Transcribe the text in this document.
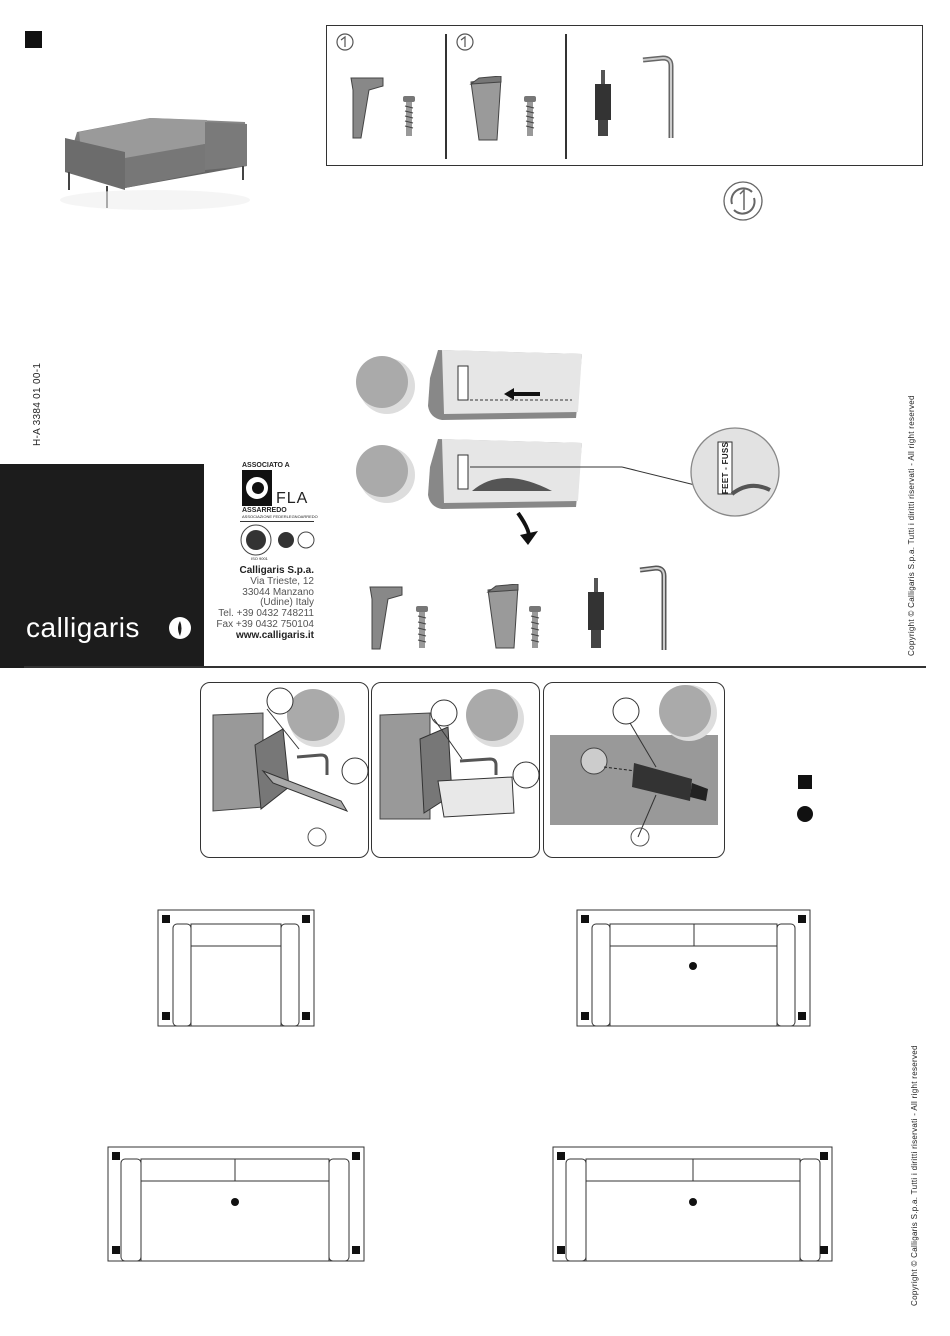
H-A 3384 01 00-1
FEET - FUSS
ASSOCIATO A
FLA
ASSARREDO
ASSOCIAZIONE FEDERLEGNOARREDO
ISO 9001
Calligaris S.p.a.
Via Trieste, 12
33044 Manzano
(Udine) Italy
Tel. +39 0432 748211
Fax +39 0432 750104
www.calligaris.it
calligaris	Copyright © Calligaris S.p.a. Tutti i diritti riservati - All right reserved
Copyright © Calligaris S.p.a. Tutti i diritti riservati - All right reserved
